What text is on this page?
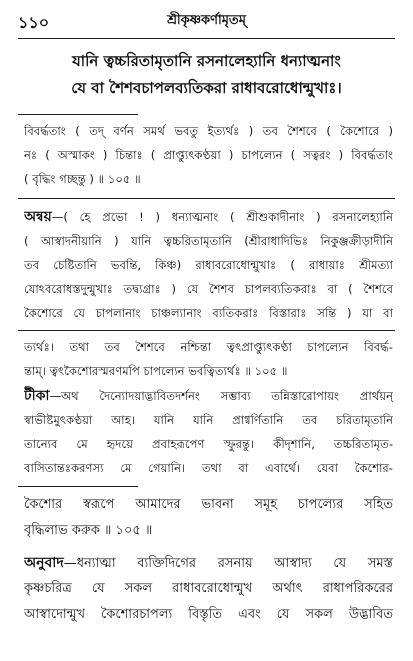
১১০	শ্রীকৃষ্ণকর্ণামৃতম্
যানি ত্বচ্চরিতামৃতানি রসনালেহ্যানি ধন্যাত্মনাং
যে বা শৈশবচাপলব্যতিকরা রাধাবরোধোন্মুখাঃ।
বিবৰ্দ্ধতাং ( তদ্ বৰ্ণন সমৰ্থ ভবতু ইত্যৰ্থঃ ) তব শৈশবে ( কৈশোরে )
নঃ ( অস্মাকং ) চিন্তাঃ ( প্রাপ্ত্যুৎকণ্ঠয়া ) চাপল্যেন ( সত্বরং ) বিবৰ্দ্ধতাং
( বৃদ্ধিং গচ্ছন্তু ) ॥ ১০৫ ॥
অন্বয়—( হে প্রভো ! ) ধন্যাত্মনাং ( শ্রীশুকাদীনাং ) রসনালেহ্যানি
( আস্বাদনীয়ানি ) যানি ত্বচ্চরিতামৃতানি (শ্রীরাধাদিভিঃ নিকুঞ্জক্রীড়াদীনি
তব চেষ্টিতানি ভবন্তি, কিঞ্চ) রাধাবরোধোন্মুখাঃ ( রাধায়াঃ শ্রীমত্যা
যোঽবরোধস্তদুন্মুখাঃ তদ্ব্যগ্রাঃ ) যে শৈশব চাপলব্যতিকরাঃ বা ( শৈশবে
কৈশোরে যে চাপলানাং চাঞ্চল্যানাং ব্যতিকরাঃ বিস্তারাঃ সন্তি ) যা বা
ত্যর্থঃ। তথা তব শৈশবে নশ্চিন্তা ত্বৎপ্রাপ্ত্যুৎকণ্ঠা চাপল্যেন বিবৰ্দ্ধ-
ন্তাম্। ত্বৎকৈশোরস্মরণমপি চাপল্যেন ভবত্বিত্যর্থঃ ॥ ১০৫ ॥
টীকা—অথ দৈন্যোদয়াদ্ভাবিতদৰ্শনং সম্ভাব্য তন্নিস্তারোপায়ং প্রার্থয়ন্
স্বাভীষ্টমুৎকণ্ঠয়া আহ। যানি যানি প্রাগ্বর্ণিতানি তব চরিতামৃতানি
তান্যেব মে হৃদয়ে প্রবাহরূপেণ স্ফুরন্তু। কীদৃশানি, তচ্চরিতামৃত-
বাসিতান্তঃকরণস্য মে গেয়ানি। তথা বা এবার্থে। যেবা কৈশোর-
কৈশোর স্বরূপে আমাদের ভাবনা সমূহ চাপল্যের সহিত
বৃদ্ধিলাভ করুক ॥ ১০৫ ॥
অনুবাদ—ধন্যাত্মা ব্যক্তিদিগের রসনায় আস্বাদ্য যে সমস্ত
কৃষ্ণচরিত্র যে সকল রাধাবরোধোন্মুখ অর্থাৎ রাধাপরিকরের
আস্বাদোন্মুখ কৈশোরচাপল্য বিস্তৃতি এবং যে সকল উদ্ভাবিত
